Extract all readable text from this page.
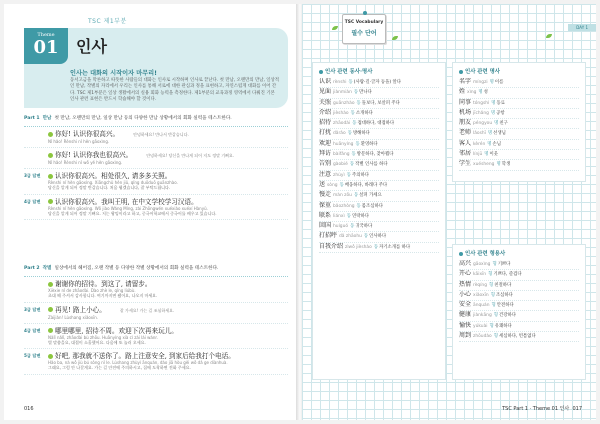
TSC 제1부분
Theme
01	인사
인사는 대화의 시작이자 마무리!
동서고금을 막론하고 따뜻한 사람들의 대화는 인사로 시작하며 인사로 끝난다. 첫 만남, 오랜만의 만남, 일상적인 만남, 작별의 자리에서 우리는 인사를 통해 서로에 대한 관심과 정을 표현하고, 자연스럽게 대화를 이어 간다. TSC 제1부분은 일상 생활에서의 실용 회화 능력을 측정한다. 제1부분의 교육과정 영역에서 다뤄진 기본 인사 관련 표현은 반드시 학습해야 할 것이다.
Part 1 만남 첫 만남, 오랜만의 만남, 일상 만남 등의 다양한 만남 상황에서의 회화 실력을 테스트한다.
你好! 认识你很高兴。	안녕하세요! 만나서 반갑습니다.
Nǐ hǎo! Rènshi nǐ hěn gāoxìng.
你好! 认识你我也很高兴。	안녕하세요! 당신을 만나게 되어 저도 정말 기뻐요.
Nǐ hǎo! Rènshi nǐ wǒ yě hěn gāoxìng.
3급 답변	认识你很高兴。相处很久, 请多多关照。
Rènshi nǐ hěn gāoxìng. Xiāngchǔ hěn jiǔ, qǐng duōduō guānzhào.
당신을 알게 되어 정말 반갑습니다. 처음 뵙겠습니다, 잘 부탁드립니다.
4급 답변	认识你很高兴。我叫王明, 在中文学校学习汉语。
Rènshi nǐ hěn gāoxìng. Wǒ jiào Wáng Míng, zài Zhōngwén xuéxiào xuéxí Hànyǔ.
당신을 알게 되어 정말 기뻐요. 저는 왕밍이라고 하고, 중국어학교에서 중국어를 배우고 있습니다.
Part 2 작별 일상에서의 헤어짐, 오랜 작별 등 다양한 작별 상황에서의 회화 실력을 테스트한다.
谢谢你的招待。到这了, 请留步。
Xièxie nǐ de zhāodài. Dào zhè le, qǐng liúbù.
초대 해 주셔서 감사합니다. 여기까지면 됐어요, 나오지 마세요.
3급 답변	再见! 路上小心。	잘 가세요! 가는 길 조심하세요.
Zàijiàn! Lùshang xiǎoxīn.
4급 답변	哪里哪里, 招待不周。欢迎下次再来玩儿。
Nǎlǐ nǎlǐ, zhāodài bù zhōu. Huānyíng xià cì zài lái wánr.
별 말씀을요, 대접이 소홀했어요. 다음에 또 놀러 오세요.
5급 답변	好吧, 那我就不送你了。路上注意安全, 到家后给我打个电话。
Hǎo ba, nà wǒ jiù bú sòng nǐ le. Lùshang zhùyì ānquán, dào jiā hòu gěi wǒ dǎ ge diànhuà.
그래요, 그럼 안 나갈게요. 가는 길 안전에 주의하시고, 집에 도착하면 전화 주세요.
016
TSC Vocabulary
필수 단어
DAY 1
인사 관련 동사·명사
认识 rènshi 동(사람·길·글자 등을) 알다
见面 jiànmiàn 동만나다
关照 guānzhào 동돌보다, 보살펴 주다
介绍 jièshào 동소개하다
招待 zhāodài 동접대하다, 대접하다
打扰 dǎrǎo 동방해하다
欢迎 huānyíng 동환영하다
拜访 bàifǎng 동방문하다, 찾아뵙다
告别 gàobié 동작별 인사를 하다
注意 zhùyì 동주의하다
送 sòng 동배웅하다, 바래다 주다
慢走 màn zǒu 동살펴 가세요
保重 bǎozhòng 동몸조심하다
联系 liánxì 동연락하다
回国 huíguó 동귀국하다
打招呼 dǎ zhāohu 동인사하다
自我介绍 zìwǒ jièshào 동자기소개를 하다
인사 관련 명사
名字 míngzi 명이름
姓 xìng 명성
同事 tóngshì 명동료
机场 jīchǎng 명공항
朋友 péngyou 명친구
老师 lǎoshī 명선생님
客人 kèrén 명손님
邻居 línjū 명이웃
学生 xuésheng 명학생
인사 관련 형용사
高兴 gāoxìng 형기쁘다
开心 kāixīn 형기쁘다, 즐겁다
热情 rèqíng 형친절하다
小心 xiǎoxīn 형조심하다
安全 ānquán 형안전하다
健康 jiànkāng 형건강하다
愉快 yúkuài 형유쾌하다
周到 zhōudào 형세심하다, 빈틈없다
TSC Part 1 · Theme 01 인사 017
